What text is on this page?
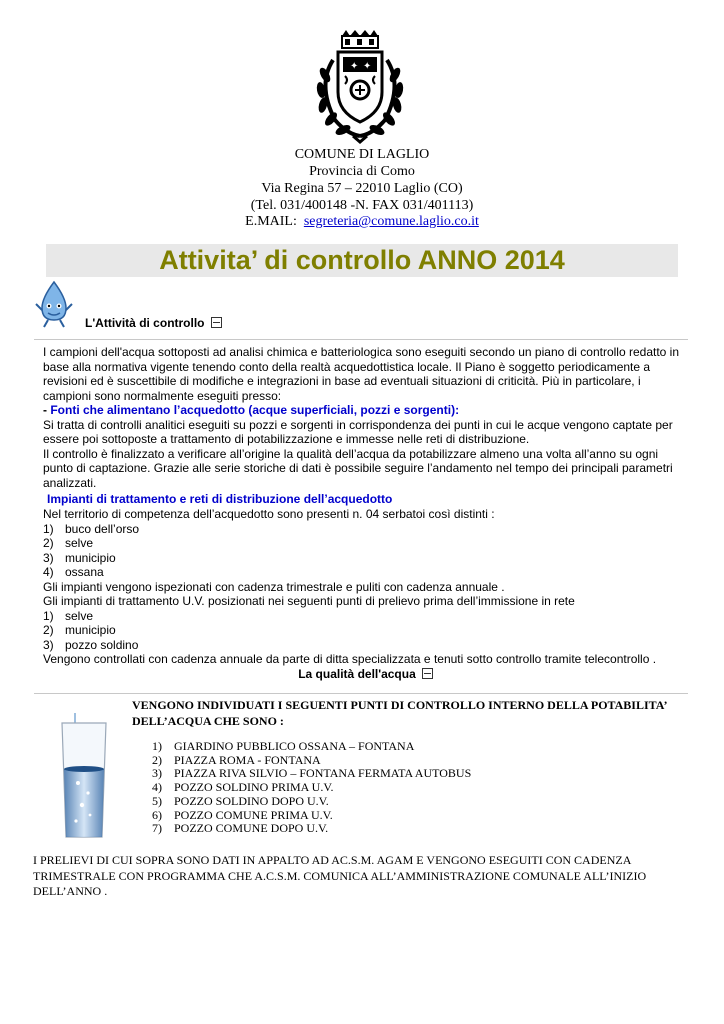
✦ ✦
COMUNE DI LAGLIO
Provincia di Como
Via Regina 57 – 22010 Laglio (CO)
(Tel. 031/400148 -N. FAX 031/401113)
E.MAIL: segreteria@comune.laglio.co.it
Attivita’ di controllo ANNO 2014
L'Attività di controllo

I campioni dell'acqua sottoposti ad analisi chimica e batteriologica sono eseguiti secondo un piano di controllo redatto in base alla normativa vigente tenendo conto della realtà acquedottistica locale. Il Piano è soggetto periodicamente a revisioni ed è suscettibile di modifiche e integrazioni in base ad eventuali situazioni di criticità. Più in particolare, i campioni sono normalmente eseguiti presso:

- Fonti che alimentano l’acquedotto (acque superficiali, pozzi e sorgenti):

Si tratta di controlli analitici eseguiti su pozzi e sorgenti in corrispondenza dei punti in cui le acque vengono captate per essere poi sottoposte a trattamento di potabilizzazione e immesse nelle reti di distribuzione.

Il controllo è finalizzato a verificare all’origine la qualità dell’acqua da potabilizzare almeno una volta all’anno su ogni punto di captazione. Grazie alle serie storiche di dati è possibile seguire l’andamento nel tempo dei principali parametri analizzati.

Impianti di trattamento e reti di distribuzione dell’acquedotto

Nel territorio di competenza dell’acquedotto sono presenti n. 04 serbatoi così distinti :

1) buco dell’orso
2) selve
3) municipio
4) ossana

Gli impianti vengono ispezionati con cadenza trimestrale e puliti con cadenza annuale .

Gli impianti di trattamento U.V. posizionati nei seguenti punti di prelievo prima dell’immissione in rete

1) selve
2) municipio
3) pozzo soldino

Vengono controllati con cadenza annuale da parte di ditta specializzata e tenuti sotto controllo tramite telecontrollo .

La qualità dell'acqua

VENGONO INDIVIDUATI I SEGUENTI PUNTI DI CONTROLLO INTERNO DELLA POTABILITA’ DELL’ACQUA CHE SONO :
1)	GIARDINO PUBBLICO OSSANA – FONTANA
2)	PIAZZA ROMA - FONTANA
3)	PIAZZA RIVA SILVIO – FONTANA FERMATA AUTOBUS
4)	POZZO SOLDINO PRIMA U.V.
5)	POZZO SOLDINO DOPO U.V.
6)	POZZO COMUNE PRIMA U.V.
7)	POZZO COMUNE DOPO U.V.
I PRELIEVI DI CUI SOPRA SONO DATI IN APPALTO AD AC.S.M. AGAM E VENGONO ESEGUITI CON CADENZA TRIMESTRALE CON PROGRAMMA CHE A.C.S.M. COMUNICA ALL’AMMINISTRAZIONE COMUNALE ALL’INIZIO DELL’ANNO .
